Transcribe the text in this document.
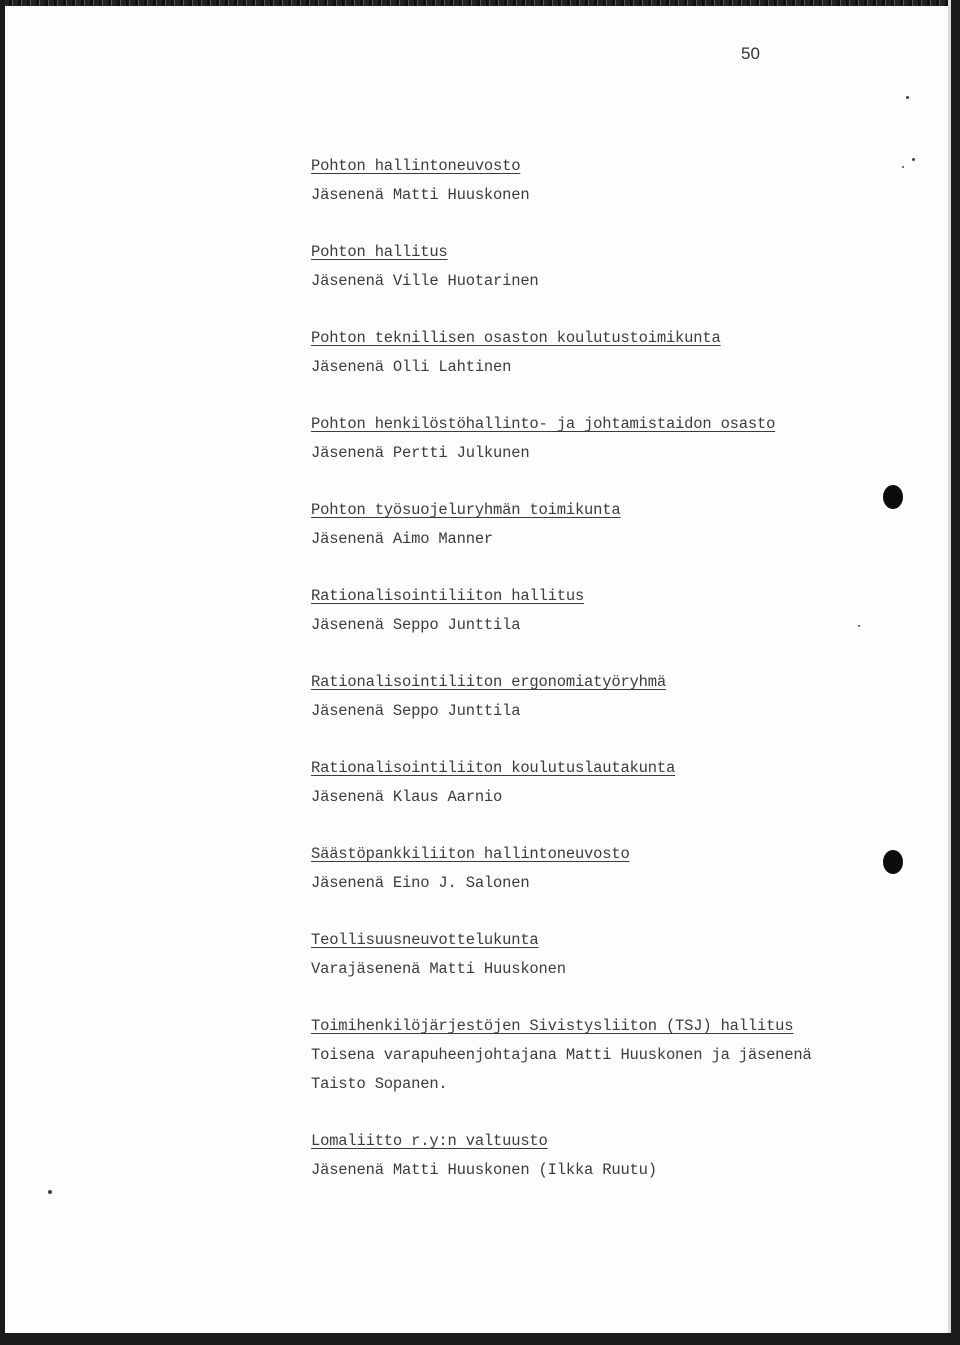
50
Pohton hallintoneuvosto
Jäsenenä Matti Huuskonen
Pohton hallitus
Jäsenenä Ville Huotarinen
Pohton teknillisen osaston koulutustoimikunta
Jäsenenä Olli Lahtinen
Pohton henkilöstöhallinto- ja johtamistaidon osasto
Jäsenenä Pertti Julkunen
Pohton työsuojeluryhmän toimikunta
Jäsenenä Aimo Manner
Rationalisointiliiton hallitus
Jäsenenä Seppo Junttila
Rationalisointiliiton ergonomiatyöryhmä
Jäsenenä Seppo Junttila
Rationalisointiliiton koulutuslautakunta
Jäsenenä Klaus Aarnio
Säästöpankkiliiton hallintoneuvosto
Jäsenenä Eino J. Salonen
Teollisuusneuvottelukunta
Varajäsenenä Matti Huuskonen
Toimihenkilöjärjestöjen Sivistysliiton (TSJ) hallitus
Toisena varapuheenjohtajana Matti Huuskonen ja jäsenenä Taisto Sopanen.
Lomaliitto r.y:n valtuusto
Jäsenenä Matti Huuskonen (Ilkka Ruutu)
